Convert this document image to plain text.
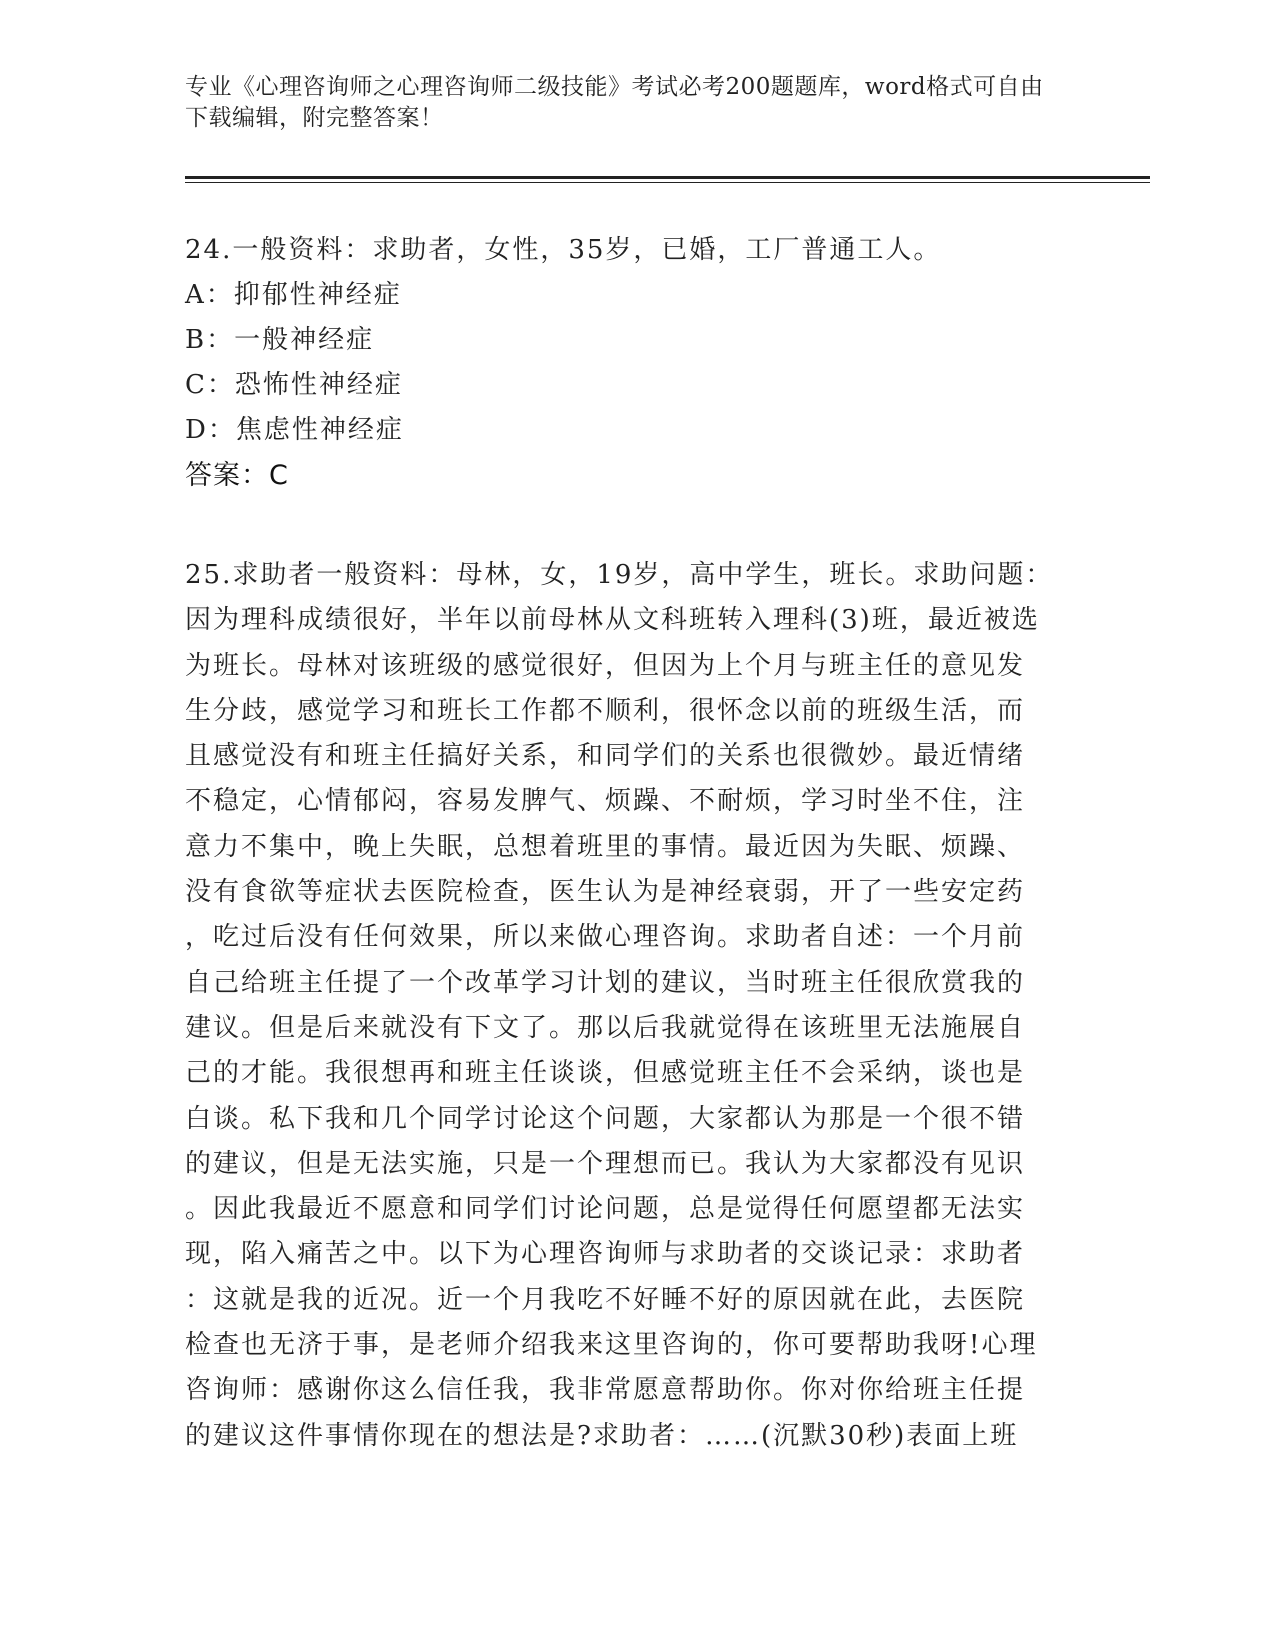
专业《心理咨询师之心理咨询师二级技能》考试必考200题题库，word格式可自由下载编辑，附完整答案！
24.一般资料：求助者，女性，35岁，已婚，工厂普通工人。
A：抑郁性神经症
B：一般神经症
C：恐怖性神经症
D：焦虑性神经症
答案：C
25.求助者一般资料：母林，女，19岁，高中学生，班长。求助问题：
因为理科成绩很好，半年以前母林从文科班转入理科(3)班，最近被选
为班长。母林对该班级的感觉很好，但因为上个月与班主任的意见发
生分歧，感觉学习和班长工作都不顺利，很怀念以前的班级生活，而
且感觉没有和班主任搞好关系，和同学们的关系也很微妙。最近情绪
不稳定，心情郁闷，容易发脾气、烦躁、不耐烦，学习时坐不住，注
意力不集中，晚上失眠，总想着班里的事情。最近因为失眠、烦躁、
没有食欲等症状去医院检查，医生认为是神经衰弱，开了一些安定药
，吃过后没有任何效果，所以来做心理咨询。求助者自述：一个月前
自己给班主任提了一个改革学习计划的建议，当时班主任很欣赏我的
建议。但是后来就没有下文了。那以后我就觉得在该班里无法施展自
己的才能。我很想再和班主任谈谈，但感觉班主任不会采纳，谈也是
白谈。私下我和几个同学讨论这个问题，大家都认为那是一个很不错
的建议，但是无法实施，只是一个理想而已。我认为大家都没有见识
。因此我最近不愿意和同学们讨论问题，总是觉得任何愿望都无法实
现，陷入痛苦之中。以下为心理咨询师与求助者的交谈记录：求助者
：这就是我的近况。近一个月我吃不好睡不好的原因就在此，去医院
检查也无济于事，是老师介绍我来这里咨询的，你可要帮助我呀!心理
咨询师：感谢你这么信任我，我非常愿意帮助你。你对你给班主任提
的建议这件事情你现在的想法是?求助者：……(沉默30秒)表面上班
